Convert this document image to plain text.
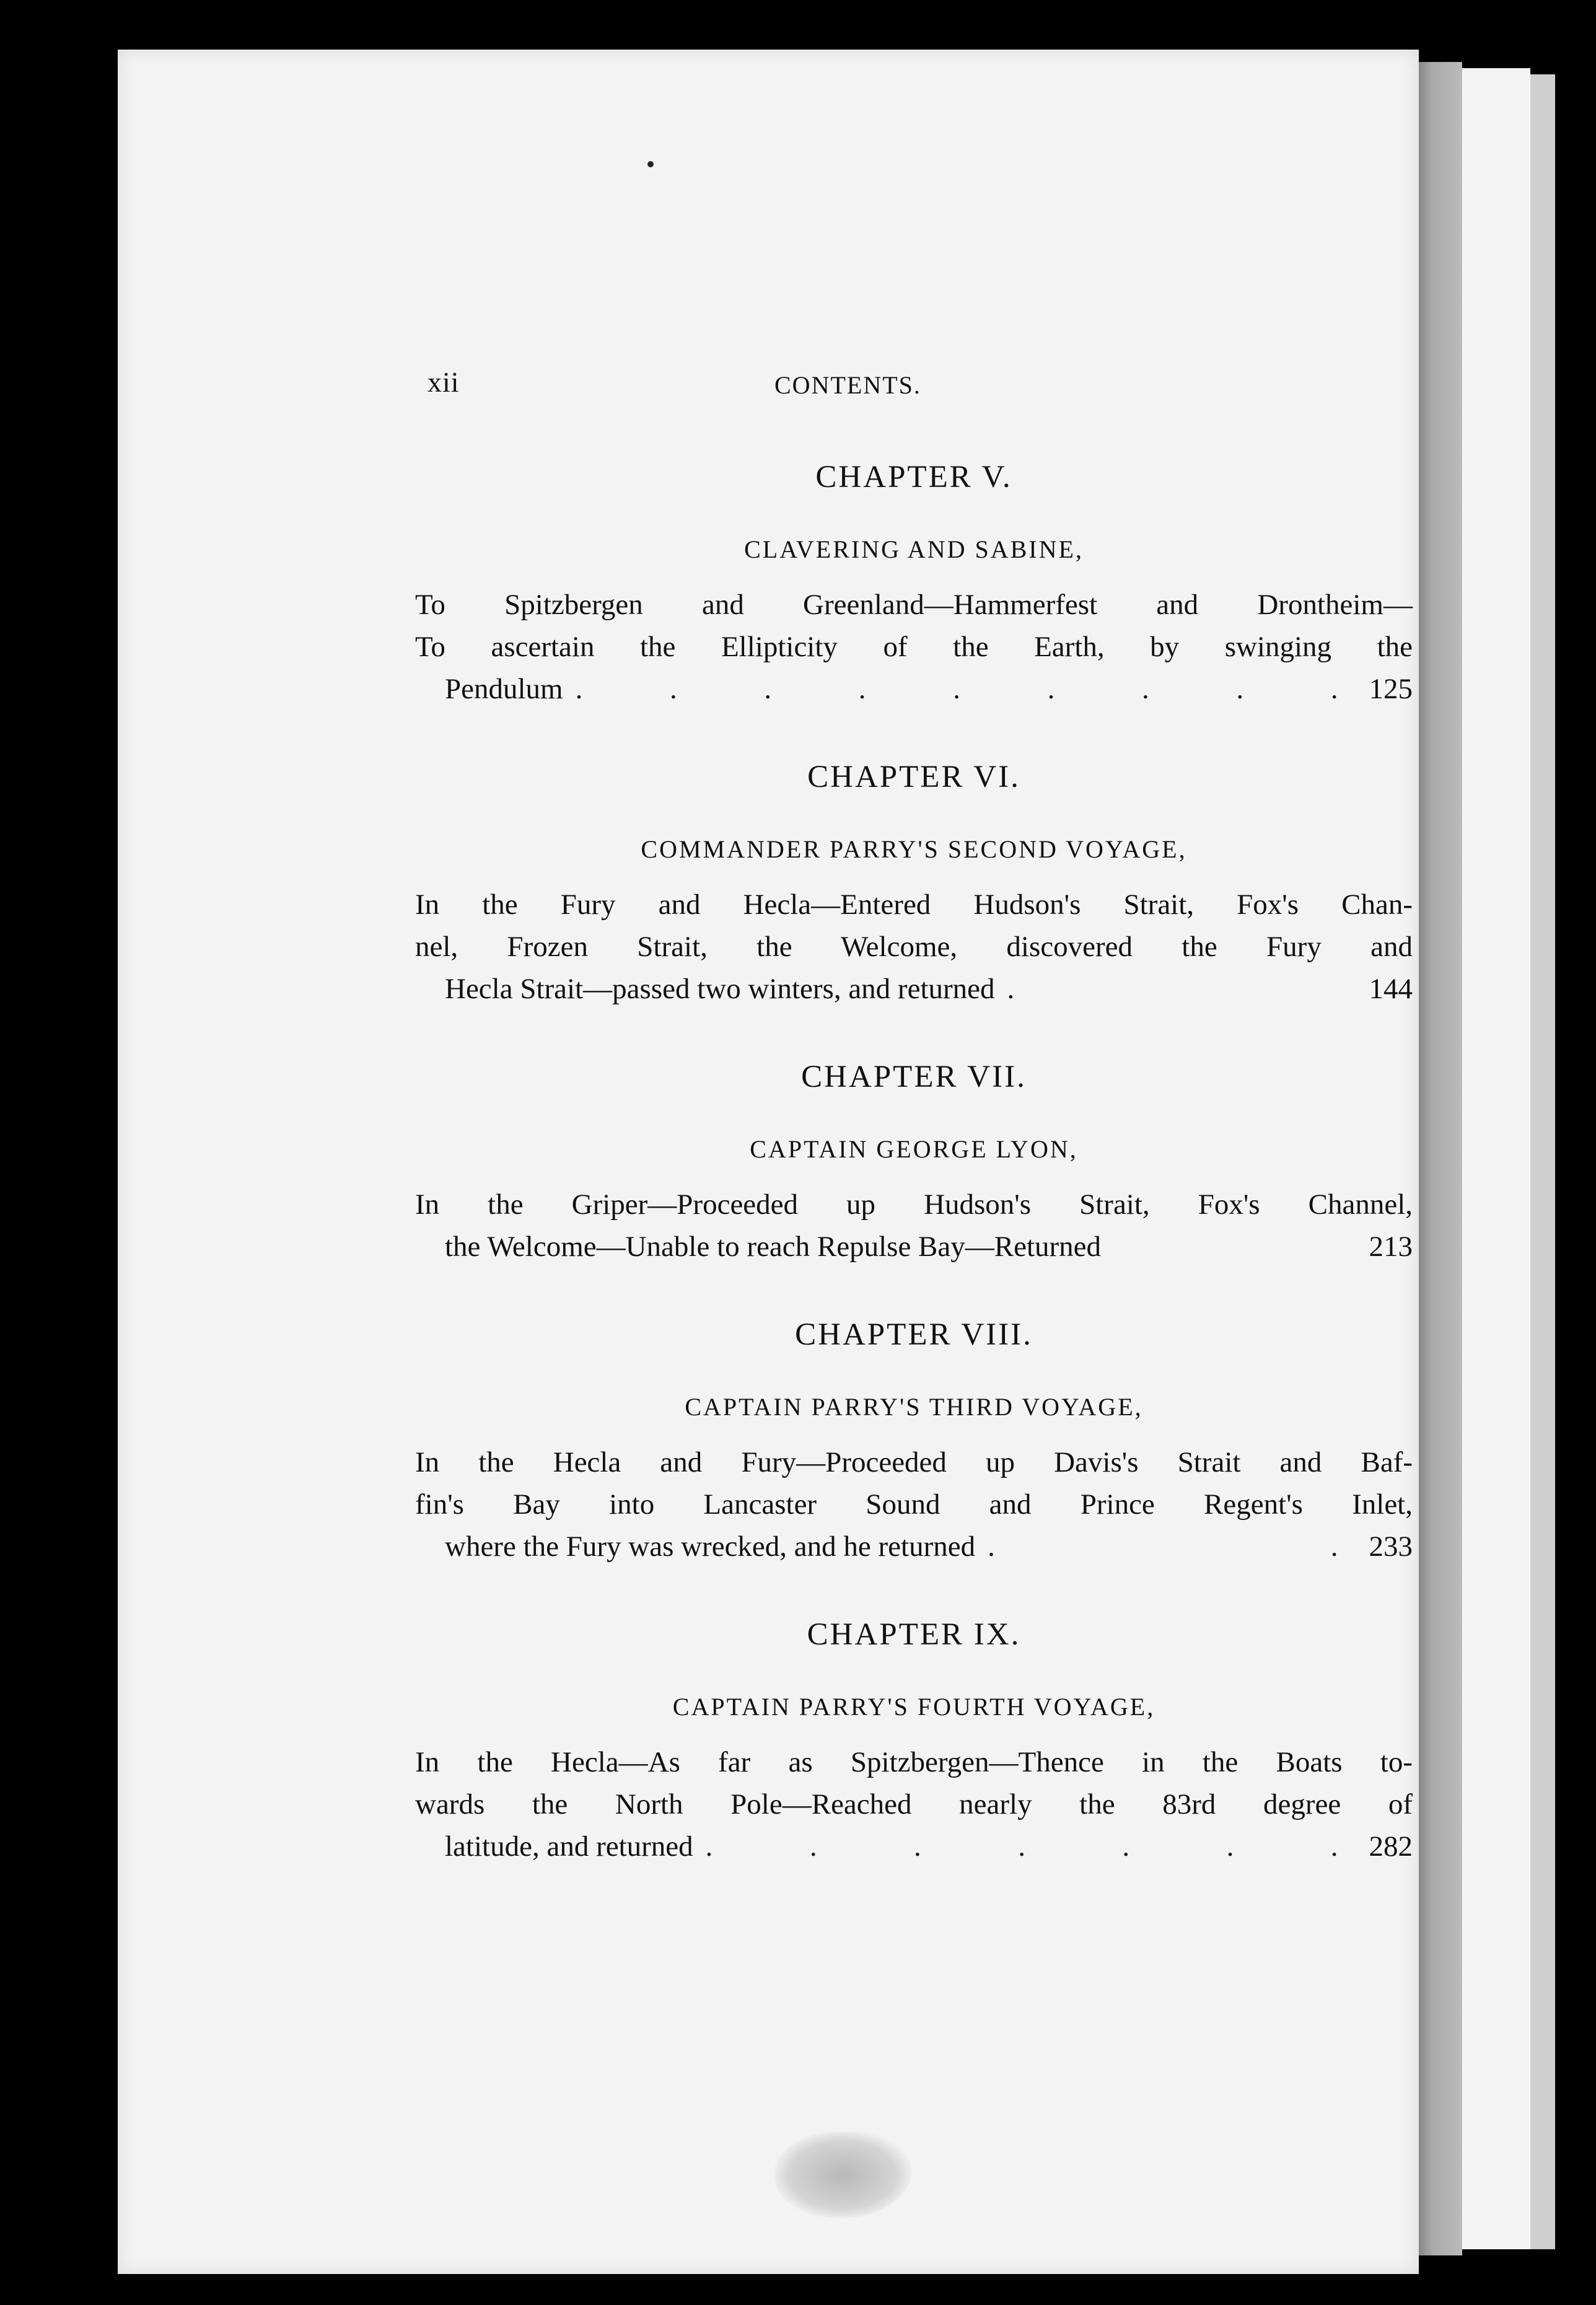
xii	CONTENTS.
CHAPTER V.
CLAVERING AND SABINE,
To Spitzbergen and Greenland—Hammerfest and Drontheim—
To ascertain the Ellipticity of the Earth, by swinging the
Pendulum . . . . . . . . . 125
CHAPTER VI.
COMMANDER PARRY'S SECOND VOYAGE,
In the Fury and Hecla—Entered Hudson's Strait, Fox's Chan-
nel, Frozen Strait, the Welcome, discovered the Fury and
Hecla Strait—passed two winters, and returned .	144
CHAPTER VII.
CAPTAIN GEORGE LYON,
In the Griper—Proceeded up Hudson's Strait, Fox's Channel,
the Welcome—Unable to reach Repulse Bay—Returned	213
CHAPTER VIII.
CAPTAIN PARRY'S THIRD VOYAGE,
In the Hecla and Fury—Proceeded up Davis's Strait and Baf-
fin's Bay into Lancaster Sound and Prince Regent's Inlet,
where the Fury was wrecked, and he returned . . 233
CHAPTER IX.
CAPTAIN PARRY'S FOURTH VOYAGE,
In the Hecla—As far as Spitzbergen—Thence in the Boats to-
wards the North Pole—Reached nearly the 83rd degree of
latitude, and returned . . . . . . . 282
